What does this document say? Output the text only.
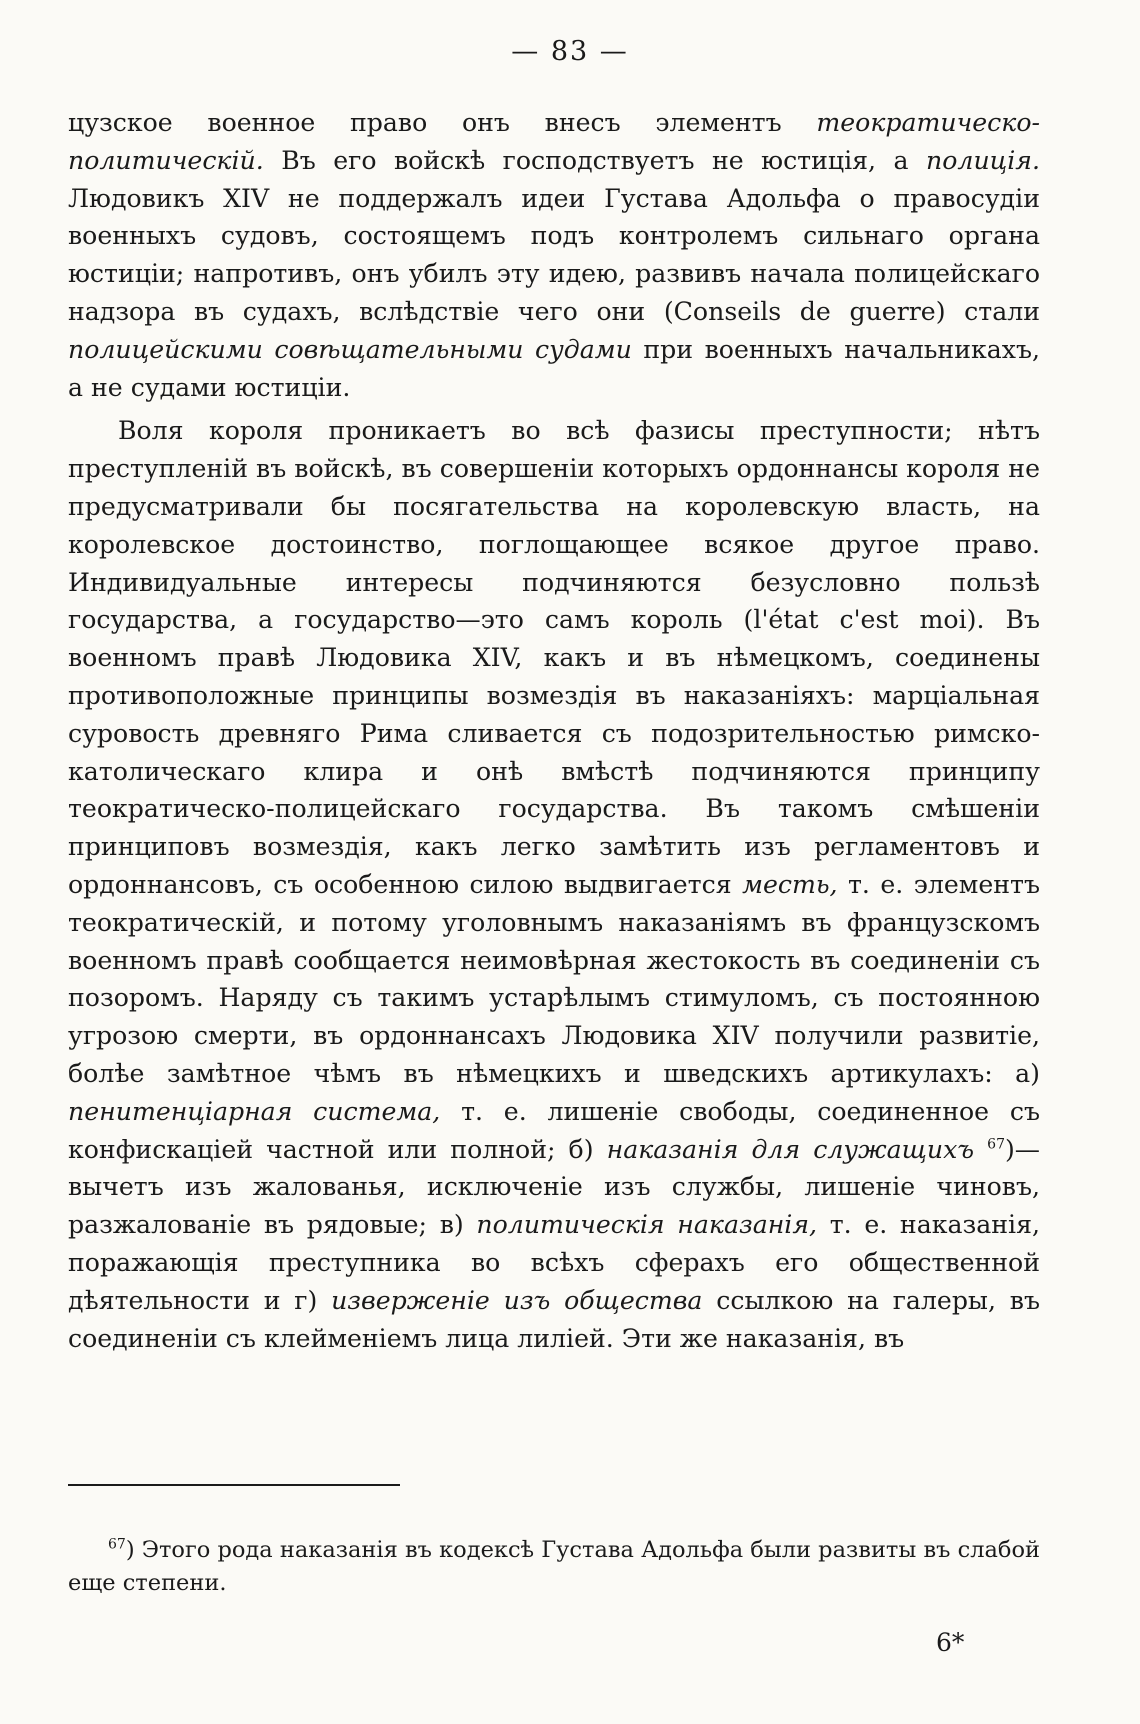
— 83 —

цузское военное право онъ внесъ элементъ теократическо-политическій. Въ его войскѣ господствуетъ не юстиція, а полиція. Людовикъ XIV не поддержалъ идеи Густава Адольфа о правосудіи военныхъ судовъ, состоящемъ подъ контролемъ сильнаго органа юстиціи; напротивъ, онъ убилъ эту идею, развивъ начала полицейскаго надзора въ судахъ, вслѣдствіе чего они (Conseils de guerre) стали полицейскими совѣщательными судами при военныхъ начальникахъ, а не судами юстиціи.

Воля короля проникаетъ во всѣ фазисы преступности; нѣтъ преступленій въ войскѣ, въ совершеніи которыхъ ордоннансы короля не предусматривали бы посягательства на королевскую власть, на королевское достоинство, поглощающее всякое другое право. Индивидуальные интересы подчиняются безусловно пользѣ государства, а государство—это самъ король (l'état c'est moi). Въ военномъ правѣ Людовика XIV, какъ и въ нѣмецкомъ, соединены противоположные принципы возмездія въ наказаніяхъ: марціальная суровость древняго Рима сливается съ подозрительностью римско-католическаго клира и онѣ вмѣстѣ подчиняются принципу теократическо-полицейскаго государства. Въ такомъ смѣшеніи принциповъ возмездія, какъ легко замѣтить изъ регламентовъ и ордоннансовъ, съ особенною силою выдвигается месть, т. е. элементъ теократическій, и потому уголовнымъ наказаніямъ въ французскомъ военномъ правѣ сообщается неимовѣрная жестокость въ соединеніи съ позоромъ. Наряду съ такимъ устарѣлымъ стимуломъ, съ постоянною угрозою смерти, въ ордоннансахъ Людовика XIV получили развитіе, болѣе замѣтное чѣмъ въ нѣмецкихъ и шведскихъ артикулахъ: а) пенитенціарная система, т. е. лишеніе свободы, соединенное съ конфискаціей частной или полной; б) наказанія для служащихъ $^{67}$)—вычетъ изъ жалованья, исключеніе изъ службы, лишеніе чиновъ, разжалованіе въ рядовые; в) политическія наказанія, т. е. наказанія, поражающія преступника во всѣхъ сферахъ его общественной дѣятельности и г) изверженіе изъ общества ссылкою на галеры, въ соединеніи съ клейменіемъ лица лиліей. Эти же наказанія, въ

$^{67}$) Этого рода наказанія въ кодексѣ Густава Адольфа были развиты въ слабой еще степени.
6*
